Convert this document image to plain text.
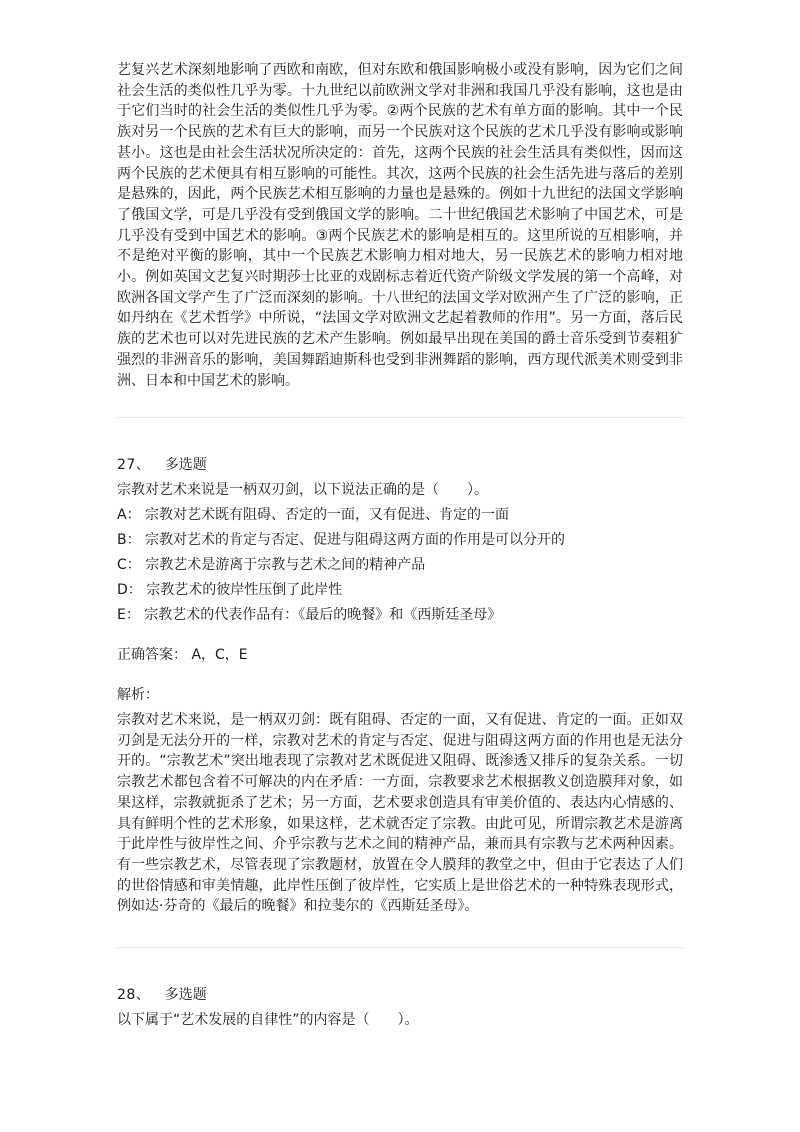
艺复兴艺术深刻地影响了西欧和南欧，但对东欧和俄国影响极小或没有影响，因为它们之间社会生活的类似性几乎为零。十九世纪以前欧洲文学对非洲和我国几乎没有影响，这也是由于它们当时的社会生活的类似性几乎为零。②两个民族的艺术有单方面的影响。其中一个民族对另一个民族的艺术有巨大的影响，而另一个民族对这个民族的艺术几乎没有影响或影响甚小。这也是由社会生活状况所决定的：首先，这两个民族的社会生活具有类似性，因而这两个民族的艺术便具有相互影响的可能性。其次，这两个民族的社会生活先进与落后的差别是悬殊的，因此，两个民族艺术相互影响的力量也是悬殊的。例如十九世纪的法国文学影响了俄国文学，可是几乎没有受到俄国文学的影响。二十世纪俄国艺术影响了中国艺术，可是几乎没有受到中国艺术的影响。③两个民族艺术的影响是相互的。这里所说的互相影响，并不是绝对平衡的影响，其中一个民族艺术影响力相对地大，另一民族艺术的影响力相对地小。例如英国文艺复兴时期莎士比亚的戏剧标志着近代资产阶级文学发展的第一个高峰，对欧洲各国文学产生了广泛而深刻的影响。十八世纪的法国文学对欧洲产生了广泛的影响，正如丹纳在《艺术哲学》中所说，“法国文学对欧洲文艺起着教师的作用”。另一方面，落后民族的艺术也可以对先进民族的艺术产生影响。例如最早出现在美国的爵士音乐受到节奏粗犷强烈的非洲音乐的影响，美国舞蹈迪斯科也受到非洲舞蹈的影响，西方现代派美术则受到非洲、日本和中国艺术的影响。

27、 多选题
宗教对艺术来说是一柄双刃剑，以下说法正确的是（　　）。
A： 宗教对艺术既有阻碍、否定的一面，又有促进、肯定的一面
B： 宗教对艺术的肯定与否定、促进与阻碍这两方面的作用是可以分开的
C： 宗教艺术是游离于宗教与艺术之间的精神产品
D： 宗教艺术的彼岸性压倒了此岸性
E： 宗教艺术的代表作品有：《最后的晚餐》和《西斯廷圣母》
正确答案： A，C，E
解析：

宗教对艺术来说，是一柄双刃剑：既有阻碍、否定的一面，又有促进、肯定的一面。正如双刃剑是无法分开的一样，宗教对艺术的肯定与否定、促进与阻碍这两方面的作用也是无法分开的。“宗教艺术”突出地表现了宗教对艺术既促进又阻碍、既渗透又排斥的复杂关系。一切宗教艺术都包含着不可解决的内在矛盾：一方面，宗教要求艺术根据教义创造膜拜对象，如果这样，宗教就扼杀了艺术；另一方面，艺术要求创造具有审美价值的、表达内心情感的、具有鲜明个性的艺术形象，如果这样，艺术就否定了宗教。由此可见，所谓宗教艺术是游离于此岸性与彼岸性之间、介乎宗教与艺术之间的精神产品，兼而具有宗教与艺术两种因素。有一些宗教艺术，尽管表现了宗教题材，放置在令人膜拜的教堂之中，但由于它表达了人们的世俗情感和审美情趣，此岸性压倒了彼岸性，它实质上是世俗艺术的一种特殊表现形式，例如达·芬奇的《最后的晚餐》和拉斐尔的《西斯廷圣母》。

28、 多选题
以下属于“艺术发展的自律性”的内容是（　　）。
